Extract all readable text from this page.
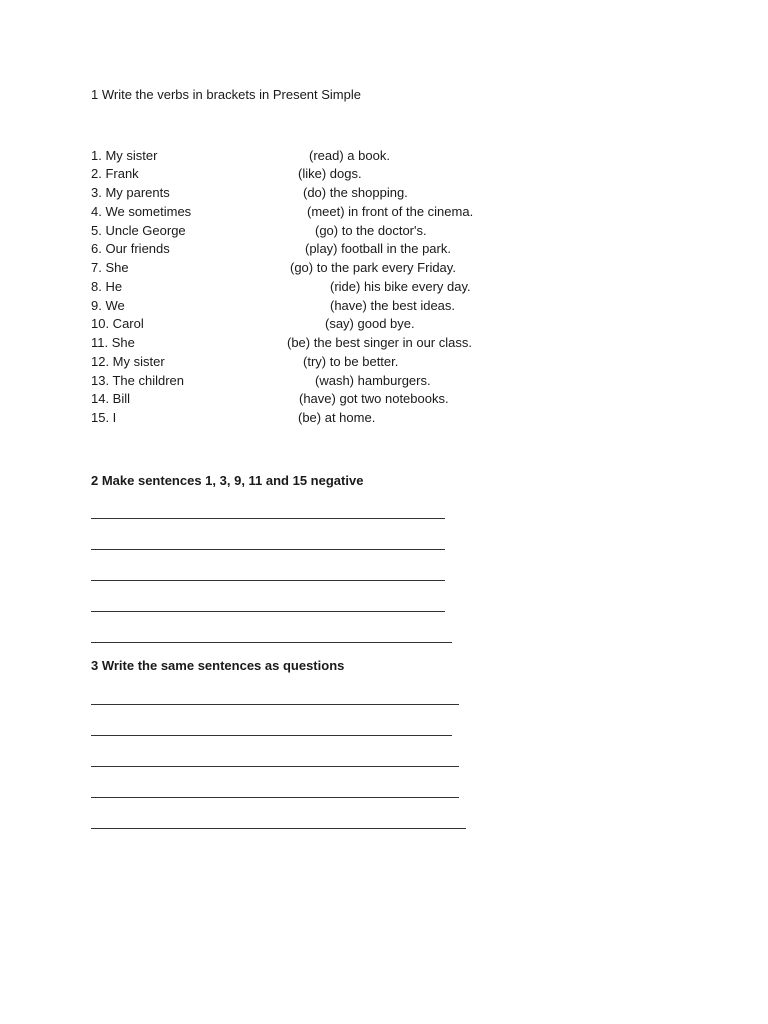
1 Write the verbs in brackets in Present Simple
1. My sister	(read) a book.
2. Frank	(like) dogs.
3. My parents	(do) the shopping.
4. We sometimes	(meet) in front of the cinema.
5. Uncle George	(go) to the doctor's.
6. Our friends	(play) football in the park.
7. She	(go) to the park every Friday.
8. He	(ride) his bike every day.
9. We	(have) the best ideas.
10. Carol	(say) good bye.
11. She	(be) the best singer in our class.
12. My sister	(try) to be better.
13. The children	(wash) hamburgers.
14. Bill	(have) got two notebooks.
15. I	(be) at home.
2 Make sentences 1, 3, 9, 11 and 15 negative
3 Write the same sentences as questions
